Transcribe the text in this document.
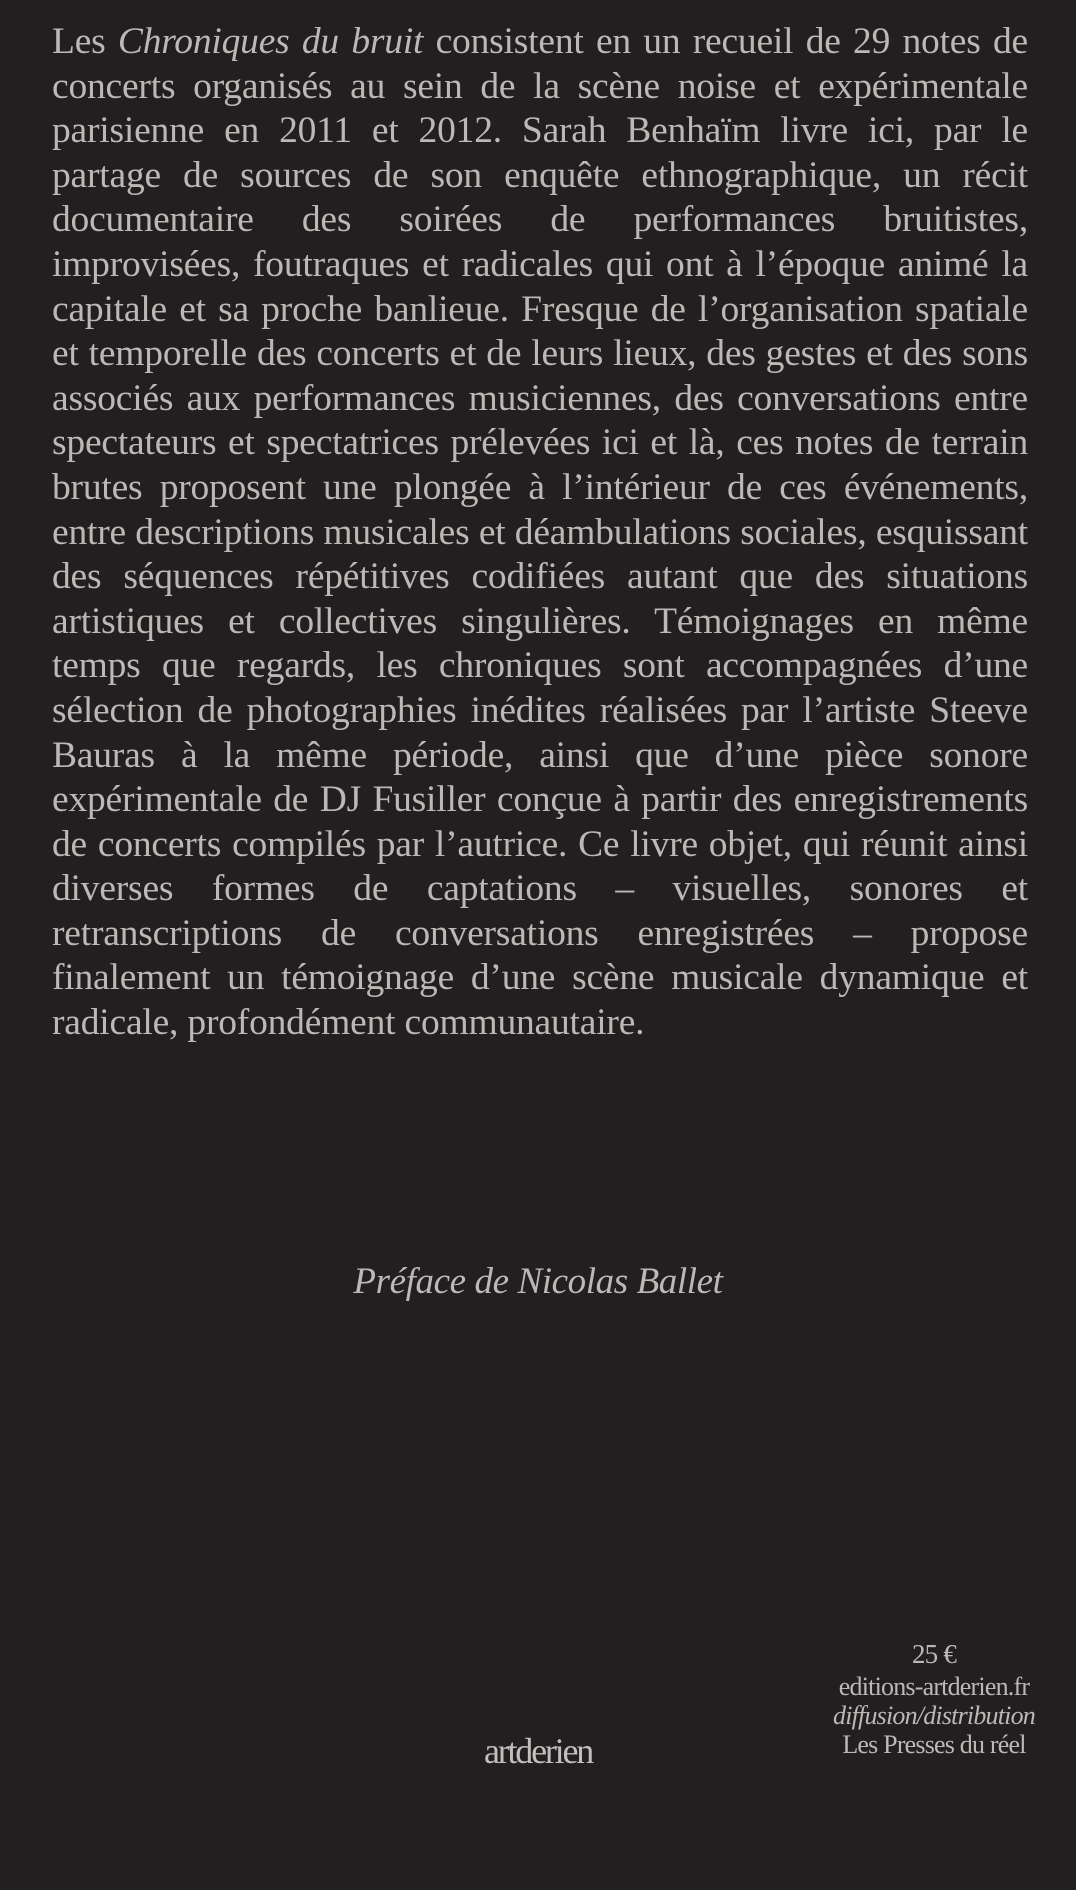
Les Chroniques du bruit consistent en un recueil de 29 notes de concerts organisés au sein de la scène noise et expérimentale parisienne en 2011 et 2012. Sarah Benhaïm livre ici, par le partage de sources de son enquête ethnographique, un récit documentaire des soirées de performances bruitistes, improvisées, foutraques et radicales qui ont à l’époque animé la capitale et sa proche banlieue. Fresque de l’organisation spatiale et temporelle des concerts et de leurs lieux, des gestes et des sons associés aux performances musiciennes, des conversations entre spectateurs et spectatrices prélevées ici et là, ces notes de terrain brutes proposent une plongée à l’intérieur de ces événements, entre descriptions musicales et déambulations sociales, esquissant des séquences répétitives codifiées autant que des situations artistiques et collectives singulières. Témoignages en même temps que regards, les chroniques sont accompagnées d’une sélection de photographies inédites réalisées par l’artiste Steeve Bauras à la même période, ainsi que d’une pièce sonore expérimentale de DJ Fusiller conçue à partir des enregistrements de concerts compilés par l’autrice. Ce livre objet, qui réunit ainsi diverses formes de captations – visuelles, sonores et retranscriptions de conversations enregistrées – propose finalement un témoignage d’une scène musicale dynamique et radicale, profondément communautaire.

Préface de Nicolas Ballet
artderien
25 €
editions-artderien.fr
diffusion/distribution
Les Presses du réel
